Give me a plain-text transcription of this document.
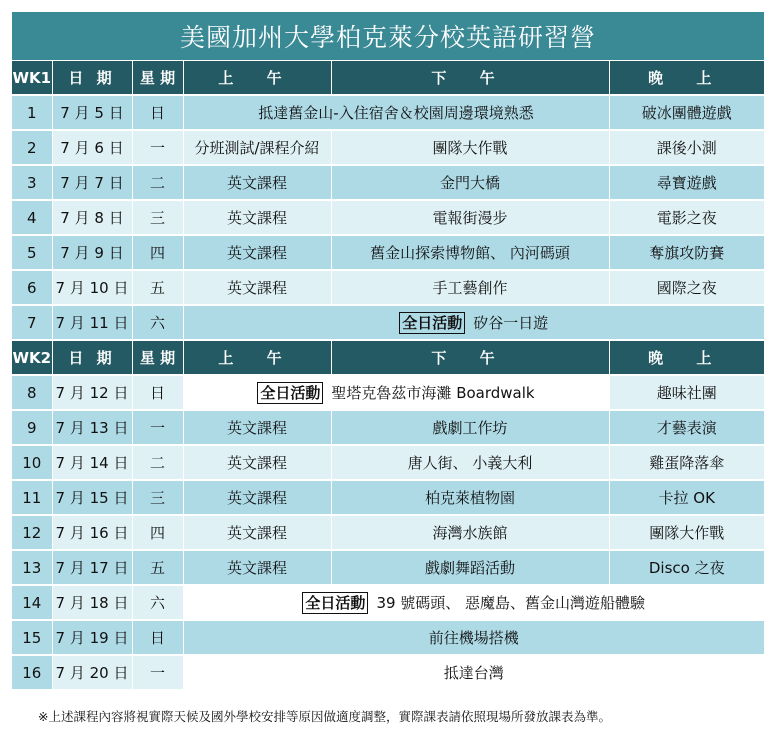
美國加州大學柏克萊分校英語研習營
WK1	日 期	星 期	上 午	下 午	晚 上
1	7 月 5 日	日	抵達舊金山-入住宿舍＆校園周邊環境熟悉		破冰團體遊戲
2	7 月 6 日	一	分班測試/課程介紹	團隊大作戰	課後小測
3	7 月 7 日	二	英文課程	金門大橋	尋寶遊戲
4	7 月 8 日	三	英文課程	電報街漫步	電影之夜
5	7 月 9 日	四	英文課程	舊金山探索博物館、 內河碼頭	奪旗攻防賽
6	7 月 10 日	五	英文課程	手工藝創作	國際之夜
7	7 月 11 日	六	全日活動 矽谷一日遊		
WK2	日 期	星 期	上 午	下 午	晚 上
8	7 月 12 日	日	全日活動 聖塔克魯茲市海灘 Boardwalk		趣味社團
9	7 月 13 日	一	英文課程	戲劇工作坊	才藝表演
10	7 月 14 日	二	英文課程	唐人街、 小義大利	雞蛋降落傘
11	7 月 15 日	三	英文課程	柏克萊植物園	卡拉 OK
12	7 月 16 日	四	英文課程	海灣水族館	團隊大作戰
13	7 月 17 日	五	英文課程	戲劇舞蹈活動	Disco 之夜
14	7 月 18 日	六	全日活動 39 號碼頭、 惡魔島、舊金山灣遊船體驗		
15	7 月 19 日	日	前往機場搭機		
16	7 月 20 日	一	抵達台灣		
※上述課程內容將視實際天候及國外學校安排等原因做適度調整，實際課表請依照現場所發放課表為準。
